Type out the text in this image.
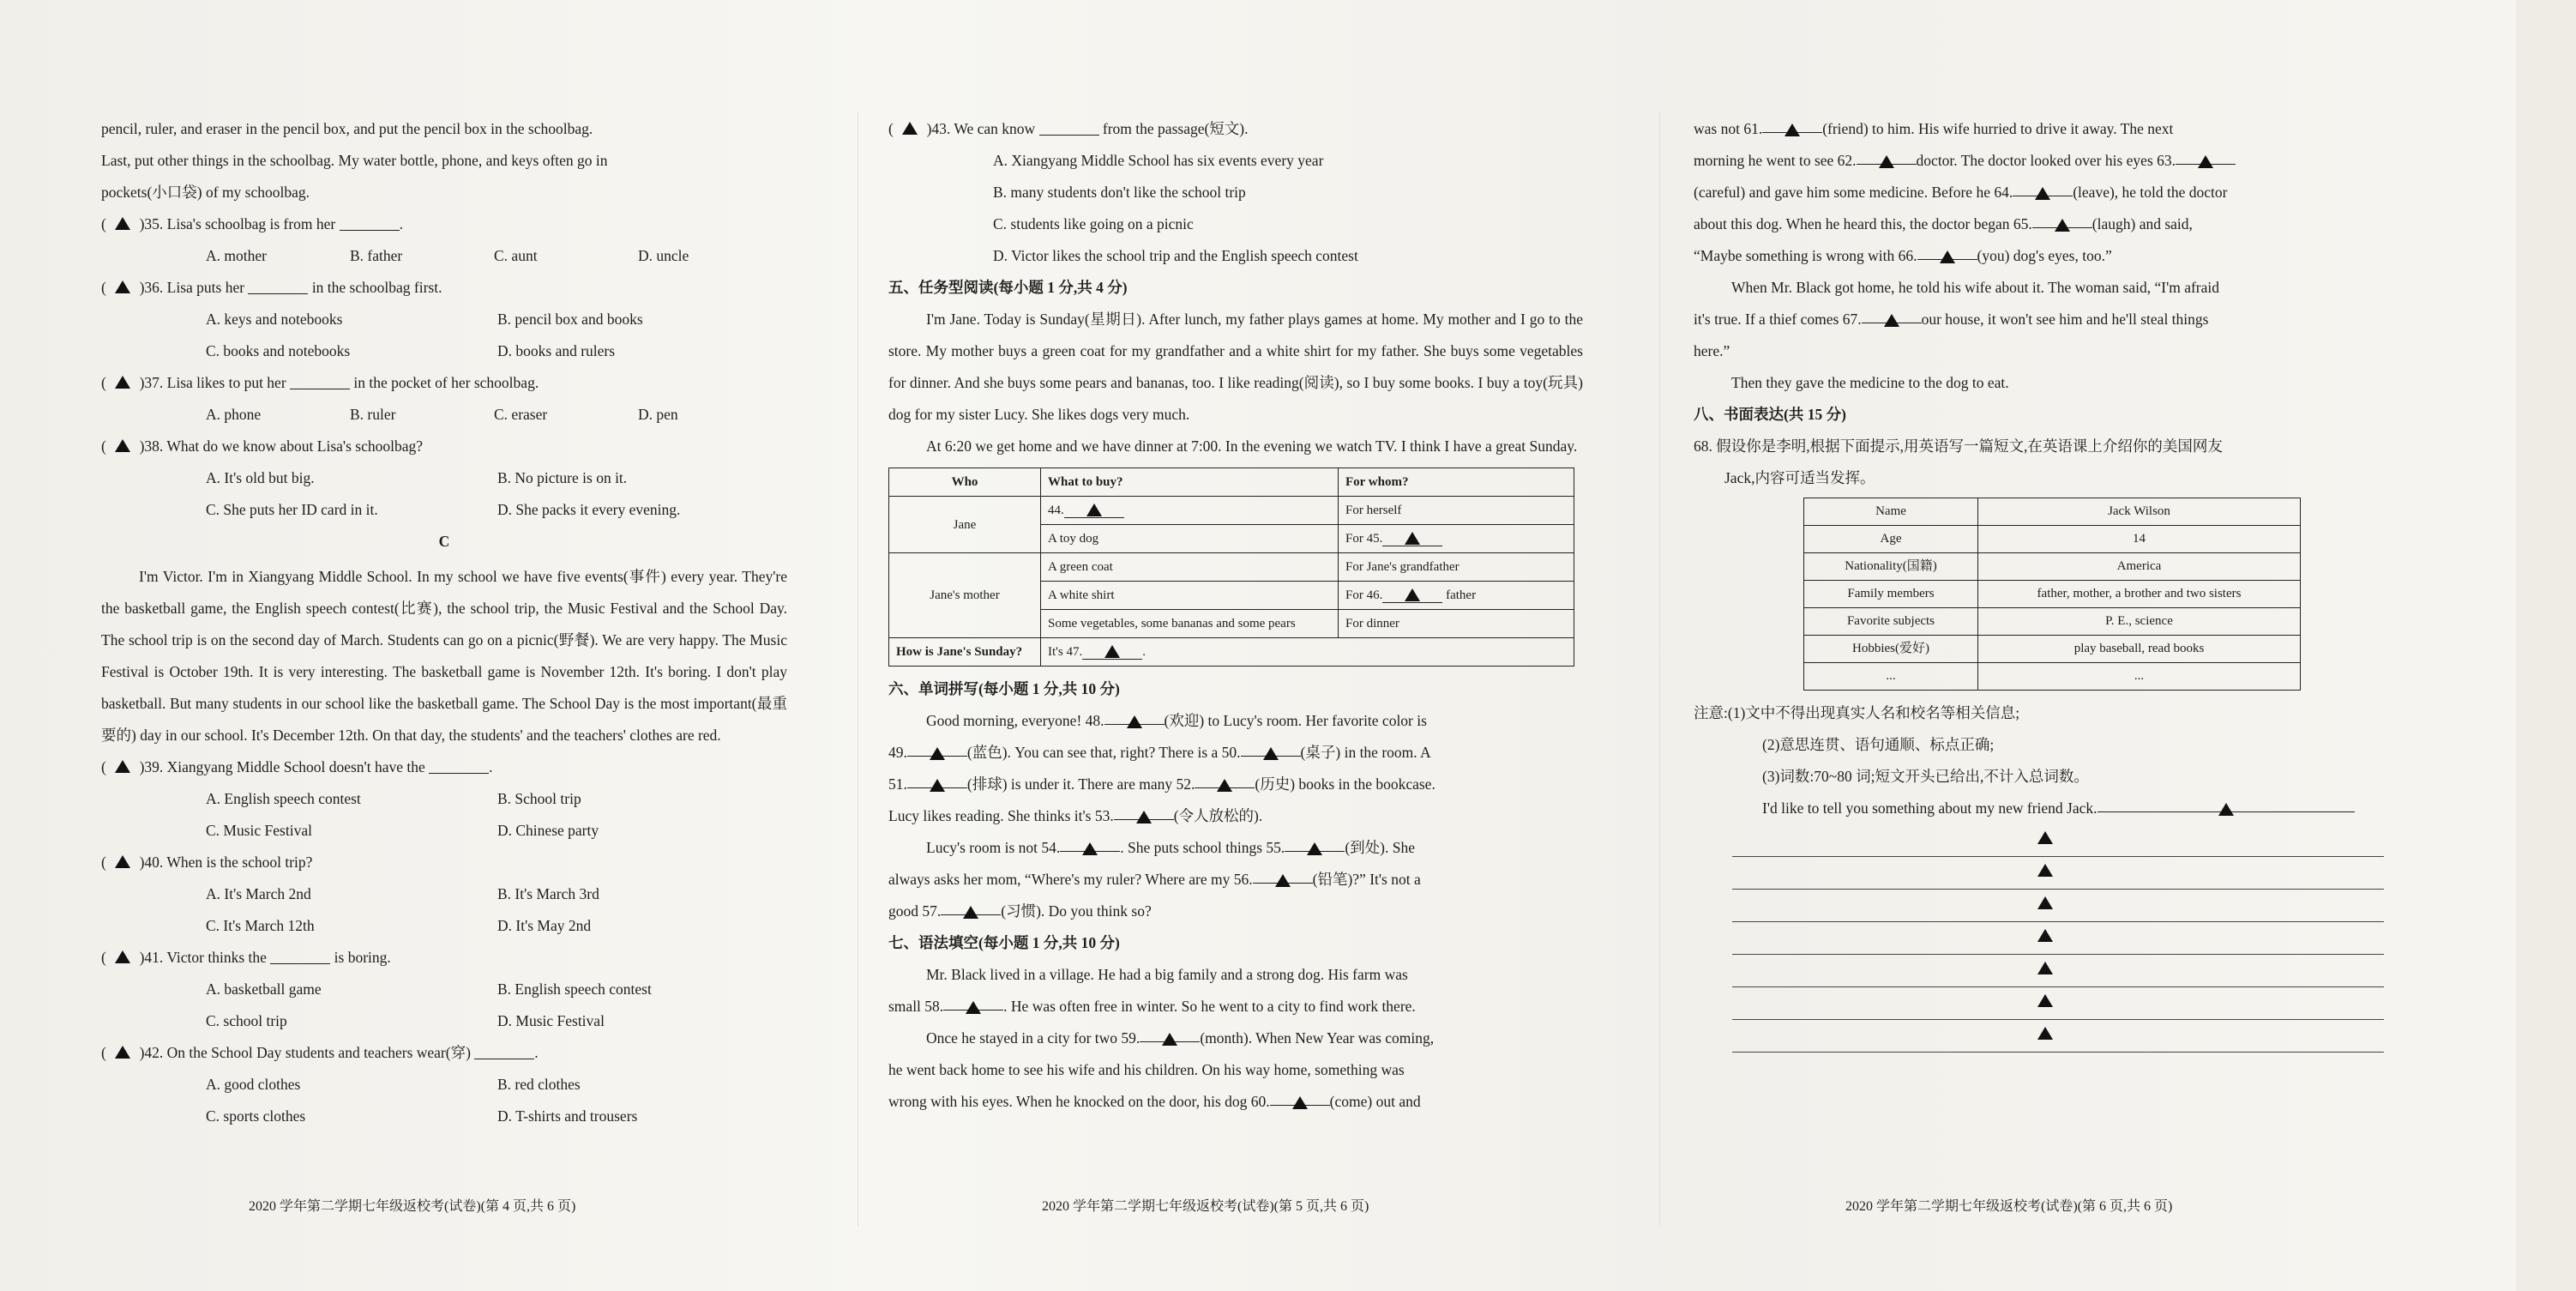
pencil, ruler, and eraser in the pencil box, and put the pencil box in the schoolbag.
Last, put other things in the schoolbag. My water bottle, phone, and keys often go in
pockets(小口袋) of my schoolbag.
(  )35. Lisa's schoolbag is from her	.
A. mother	B. father	C. aunt	D. uncle
(  )36. Lisa puts her	in the schoolbag first.
A. keys and notebooks	B. pencil box and books
C. books and notebooks	D. books and rulers
(  )37. Lisa likes to put her	in the pocket of her schoolbag.
A. phone	B. ruler	C. eraser	D. pen
(  )38. What do we know about Lisa's schoolbag?
A. It's old but big.	B. No picture is on it.
C. She puts her ID card in it.	D. She packs it every evening.
C
I'm Victor. I'm in Xiangyang Middle School. In my school we have five events(事件) every year. They're the basketball game, the English speech contest(比赛), the school trip, the Music Festival and the School Day. The school trip is on the second day of March. Students can go on a picnic(野餐). We are very happy. The Music Festival is October 19th. It is very interesting. The basketball game is November 12th. It's boring. I don't play basketball. But many students in our school like the basketball game. The School Day is the most important(最重要的) day in our school. It's December 12th. On that day, the students' and the teachers' clothes are red.
(  )39. Xiangyang Middle School doesn't have the	.
A. English speech contest	B. School trip
C. Music Festival	D. Chinese party
(  )40. When is the school trip?
A. It's March 2nd	B. It's March 3rd
C. It's March 12th	D. It's May 2nd
(  )41. Victor thinks the	is boring.
A. basketball game	B. English speech contest
C. school trip	D. Music Festival
(  )42. On the School Day students and teachers wear(穿)	.
A. good clothes	B. red clothes
C. sports clothes	D. T-shirts and trousers
2020 学年第二学期七年级返校考(试卷)(第 4 页,共 6 页)
(  )43. We can know	from the passage(短文).
A. Xiangyang Middle School has six events every year
B. many students don't like the school trip
C. students like going on a picnic
D. Victor likes the school trip and the English speech contest
五、任务型阅读(每小题 1 分,共 4 分)
I'm Jane. Today is Sunday(星期日). After lunch, my father plays games at home. My mother and I go to the store. My mother buys a green coat for my grandfather and a white shirt for my father. She buys some vegetables for dinner. And she buys some pears and bananas, too. I like reading(阅读), so I buy some books. I buy a toy(玩具) dog for my sister Lucy. She likes dogs very much.
At 6:20 we get home and we have dinner at 7:00. In the evening we watch TV. I think I have a great Sunday.
Who	What to buy?	For whom?
Jane	44.	For herself
	A toy dog	For 45.
Jane's mother	A green coat	For Jane's grandfather
	A white shirt	For 46. father
	Some vegetables, some bananas and some pears	For dinner
How is Jane's Sunday?	It's 47. .	
六、单词拼写(每小题 1 分,共 10 分)
Good morning, everyone! 48.	(欢迎) to Lucy's room. Her favorite color is
49.	(蓝色). You can see that, right? There is a 50.	(桌子) in the room. A
51.	(排球) is under it. There are many 52.	(历史) books in the bookcase.
Lucy likes reading. She thinks it's 53.	(令人放松的).
Lucy's room is not 54.	. She puts school things 55.	(到处). She
always asks her mom, “Where's my ruler? Where are my 56.	(铅笔)?” It's not a
good 57.	(习惯). Do you think so?
七、语法填空(每小题 1 分,共 10 分)
Mr. Black lived in a village. He had a big family and a strong dog. His farm was
small 58.	. He was often free in winter. So he went to a city to find work there.
Once he stayed in a city for two 59.	(month). When New Year was coming,
he went back home to see his wife and his children. On his way home, something was
wrong with his eyes. When he knocked on the door, his dog 60.	(come) out and
2020 学年第二学期七年级返校考(试卷)(第 5 页,共 6 页)
was not 61.	(friend) to him. His wife hurried to drive it away. The next
morning he went to see 62.	doctor. The doctor looked over his eyes 63.
(careful) and gave him some medicine. Before he 64.	(leave), he told the doctor
about this dog. When he heard this, the doctor began 65.	(laugh) and said,
“Maybe something is wrong with 66.	(you) dog's eyes, too.”
When Mr. Black got home, he told his wife about it. The woman said, “I'm afraid
it's true. If a thief comes 67.	our house, it won't see him and he'll steal things
here.”
Then they gave the medicine to the dog to eat.
八、书面表达(共 15 分)
68. 假设你是李明,根据下面提示,用英语写一篇短文,在英语课上介绍你的美国网友
Jack,内容可适当发挥。
Name	Jack Wilson
Age	14
Nationality(国籍)	America
Family members	father, mother, a brother and two sisters
Favorite subjects	P. E., science
Hobbies(爱好)	play baseball, read books
...	...
注意:(1)文中不得出现真实人名和校名等相关信息;
(2)意思连贯、语句通顺、标点正确;
(3)词数:70~80 词;短文开头已给出,不计入总词数。
I'd like to tell you something about my new friend Jack.
2020 学年第二学期七年级返校考(试卷)(第 6 页,共 6 页)
